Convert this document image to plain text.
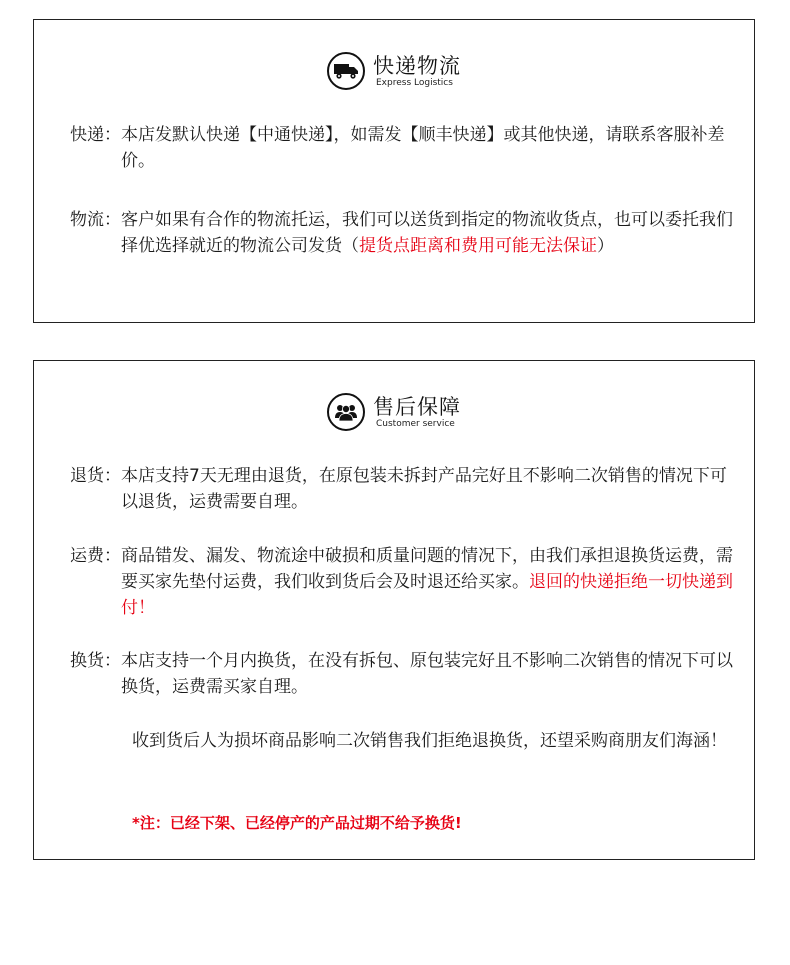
快递物流
Express Logistics
快递： 本店发默认快递【中通快递】，如需发【顺丰快递】或其他快递，请联系客服补差价。
物流： 客户如果有合作的物流托运，我们可以送货到指定的物流收货点，也可以委托我们择优选择就近的物流公司发货（提货点距离和费用可能无法保证）
售后保障
Customer service
退货： 本店支持7天无理由退货，在原包装未拆封产品完好且不影响二次销售的情况下可以退货，运费需要自理。
运费： 商品错发、漏发、物流途中破损和质量问题的情况下，由我们承担退换货运费，需要买家先垫付运费，我们收到货后会及时退还给买家。退回的快递拒绝一切快递到付！
换货： 本店支持一个月内换货，在没有拆包、原包装完好且不影响二次销售的情况下可以换货，运费需买家自理。
收到货后人为损坏商品影响二次销售我们拒绝退换货，还望采购商朋友们海涵！
*注：已经下架、已经停产的产品过期不给予换货!
